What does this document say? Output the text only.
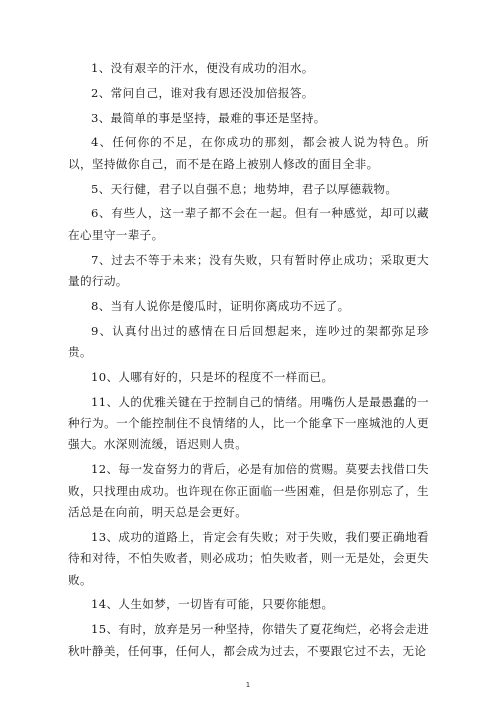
1、没有艰辛的汗水，便没有成功的泪水。

2、常问自己，谁对我有恩还没加倍报答。

3、最简单的事是坚持，最难的事还是坚持。

4、任何你的不足，在你成功的那刻，都会被人说为特色。所以，坚持做你自己，而不是在路上被别人修改的面目全非。

5、天行健，君子以自强不息；地势坤，君子以厚德载物。

6、有些人，这一辈子都不会在一起。但有一种感觉，却可以藏在心里守一辈子。

7、过去不等于未来；没有失败，只有暂时停止成功；采取更大量的行动。

8、当有人说你是傻瓜时，证明你离成功不远了。

9、认真付出过的感情在日后回想起来，连吵过的架都弥足珍贵。

10、人哪有好的，只是坏的程度不一样而已。

11、人的优雅关键在于控制自己的情绪。用嘴伤人是最愚蠢的一种行为。一个能控制住不良情绪的人，比一个能拿下一座城池的人更强大。水深则流缓，语迟则人贵。

12、每一发奋努力的背后，必是有加倍的赏赐。莫要去找借口失败，只找理由成功。也许现在你正面临一些困难，但是你别忘了，生活总是在向前，明天总是会更好。

13、成功的道路上，肯定会有失败；对于失败，我们要正确地看待和对待，不怕失败者，则必成功；怕失败者，则一无是处，会更失败。

14、人生如梦，一切皆有可能，只要你能想。

15、有时，放弃是另一种坚持，你错失了夏花绚烂，必将会走进秋叶静美，任何事，任何人，都会成为过去，不要跟它过不去，无论

1
